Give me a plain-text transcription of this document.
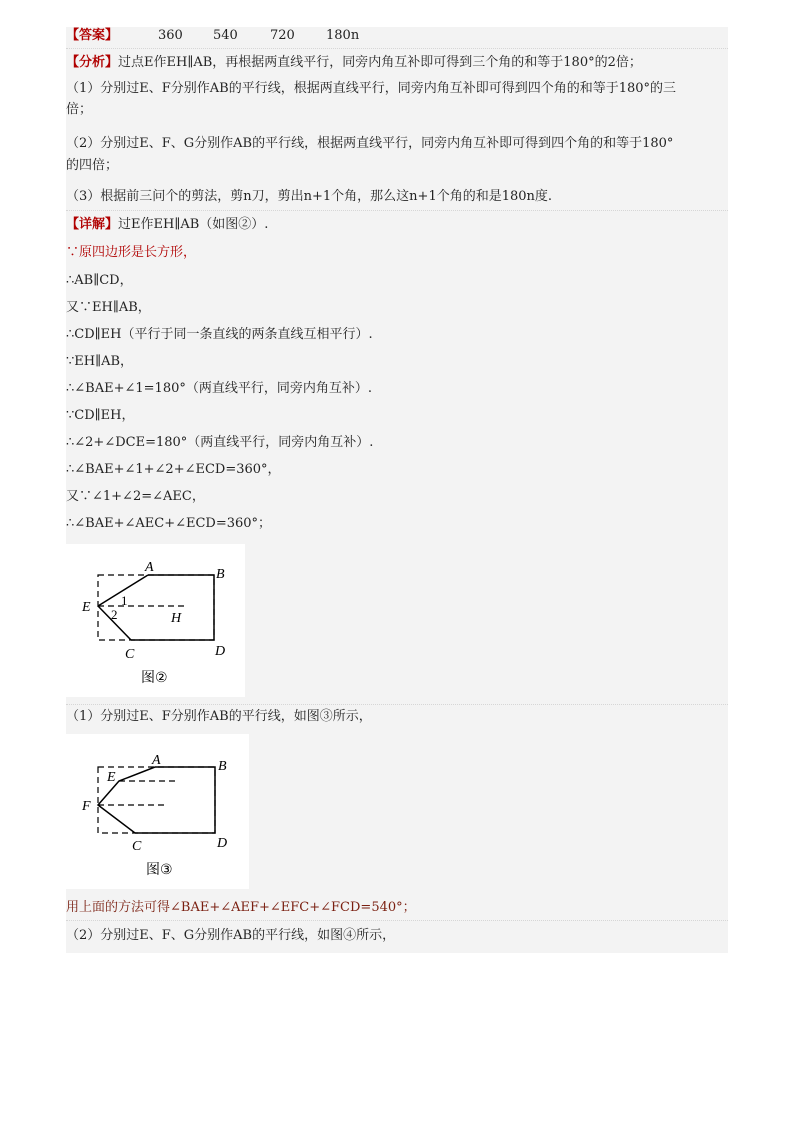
【答案】	360 540 720 180n
【分析】过点E作EH∥AB，再根据两直线平行，同旁内角互补即可得到三个角的和等于180°的2倍；
（1）分别过E、F分别作AB的平行线，根据两直线平行，同旁内角互补即可得到四个角的和等于180°的三
倍；
（2）分别过E、F、G分别作AB的平行线，根据两直线平行，同旁内角互补即可得到四个角的和等于180°
的四倍；
（3）根据前三问个的剪法，剪n刀，剪出n+1个角，那么这n+1个角的和是180n度.
【详解】过E作EH∥AB（如图②）.
∵原四边形是长方形，
∴AB∥CD，
又∵EH∥AB，
∴CD∥EH（平行于同一条直线的两条直线互相平行）.
∵EH∥AB，
∴∠BAE+∠1=180°（两直线平行，同旁内角互补）.
∵CD∥EH，
∴∠2+∠DCE=180°（两直线平行，同旁内角互补）.
∴∠BAE+∠1+∠2+∠ECD=360°，
又∵∠1+∠2=∠AEC，
∴∠BAE+∠AEC+∠ECD=360°；
A	B
E 1
2	H
C	D
图②
（1）分别过E、F分别作AB的平行线，如图③所示，
A	B
E
F
C	D
图③
用上面的方法可得∠BAE+∠AEF+∠EFC+∠FCD=540°；
（2）分别过E、F、G分别作AB的平行线，如图④所示，
